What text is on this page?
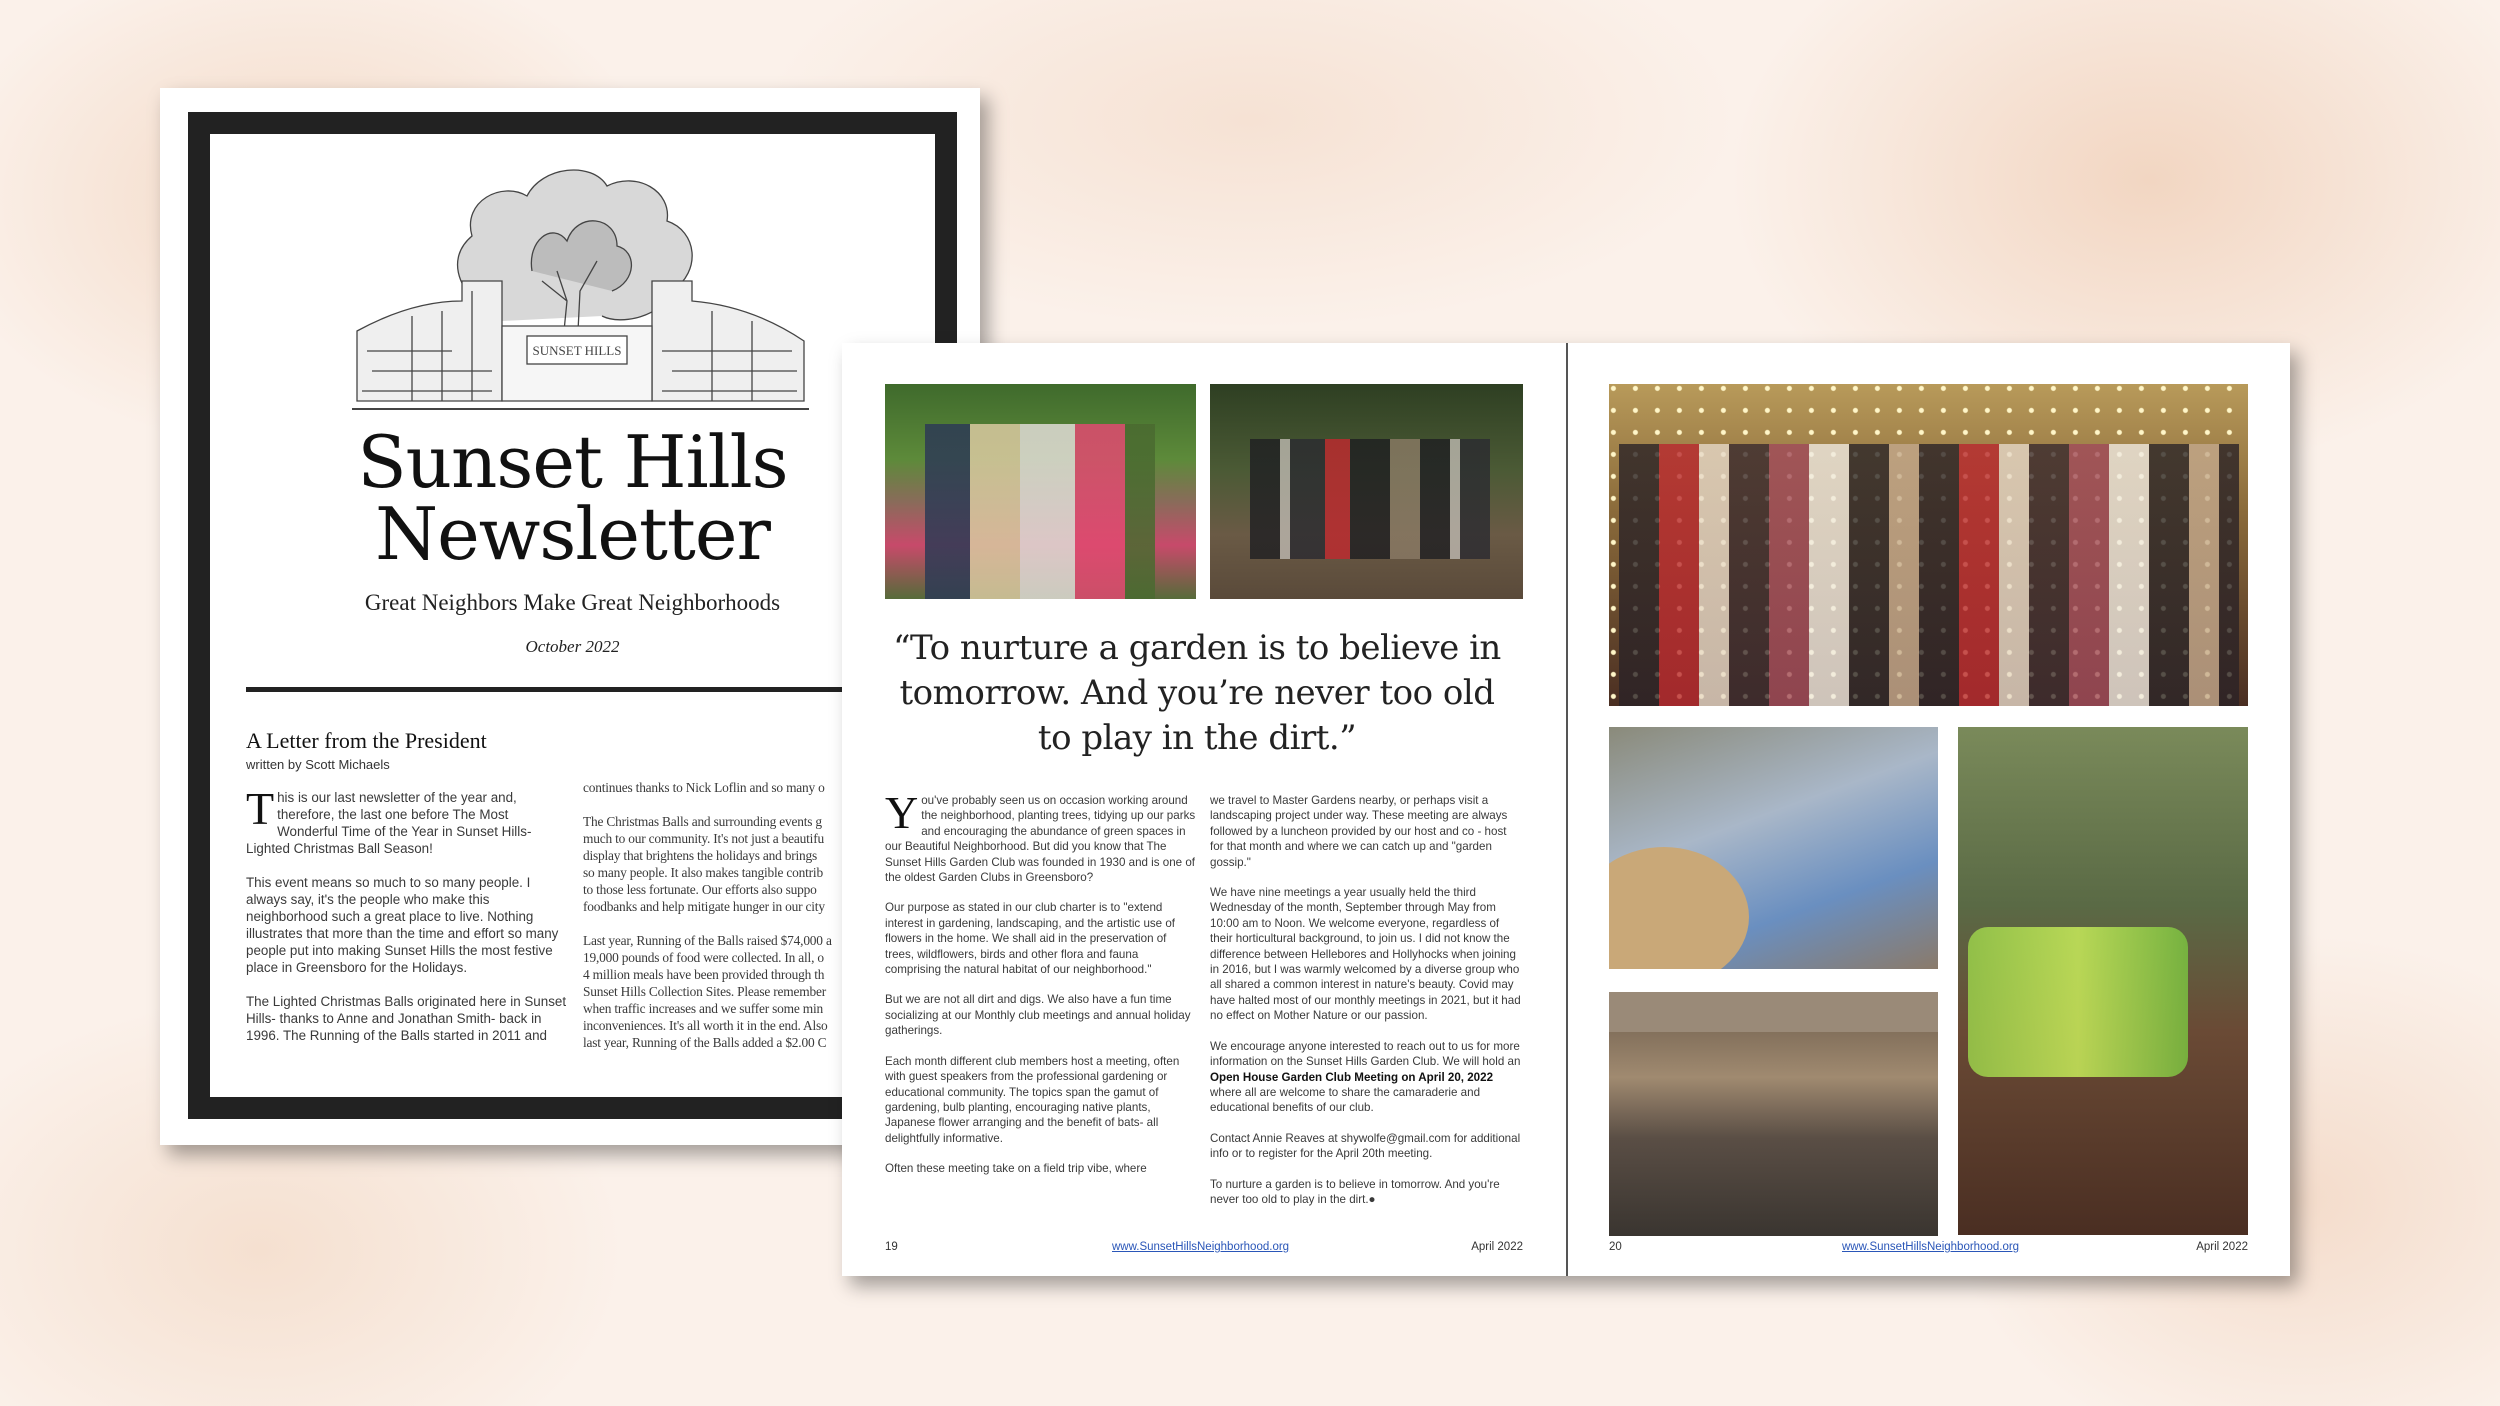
SUNSET HILLS
Sunset Hills
Newsletter
Great Neighbors Make Great Neighborhoods
October 2022
A Letter from the President
written by Scott Michaels

This is our last newsletter of the year and, therefore, the last one before The Most Wonderful Time of the Year in Sunset Hills- Lighted Christmas Ball Season!

This event means so much to so many people. I always say, it's the people who make this neighborhood such a great place to live. Nothing illustrates that more than the time and effort so many people put into making Sunset Hills the most festive place in Greensboro for the Holidays.

The Lighted Christmas Balls originated here in Sunset Hills- thanks to Anne and Jonathan Smith- back in 1996. The Running of the Balls started in 2011 and

continues thanks to Nick Loflin and so many o
The Christmas Balls and surrounding events g
much to our community. It's not just a beautifu
display that brightens the holidays and brings
so many people. It also makes tangible contrib
to those less fortunate. Our efforts also suppo
foodbanks and help mitigate hunger in our city
Last year, Running of the Balls raised $74,000 a
19,000 pounds of food were collected. In all, o
4 million meals have been provided through th
Sunset Hills Collection Sites. Please remember
when traffic increases and we suffer some min
inconveniences. It's all worth it in the end. Also
last year, Running of the Balls added a $2.00 C
“To nurture a garden is to believe in tomorrow. And you’re never too old to play in the dirt.”

You've probably seen us on occasion working around the neighborhood, planting trees, tidying up our parks and encouraging the abundance of green spaces in our Beautiful Neighborhood. But did you know that The Sunset Hills Garden Club was founded in 1930 and is one of the oldest Garden Clubs in Greensboro?

Our purpose as stated in our club charter is to "extend interest in gardening, landscaping, and the artistic use of flowers in the home. We shall aid in the preservation of trees, wildflowers, birds and other flora and fauna comprising the natural habitat of our neighborhood."

But we are not all dirt and digs. We also have a fun time socializing at our Monthly club meetings and annual holiday gatherings.

Each month different club members host a meeting, often with guest speakers from the professional gardening or educational community. The topics span the gamut of gardening, bulb planting, encouraging native plants, Japanese flower arranging and the benefit of bats- all delightfully informative.

Often these meeting take on a field trip vibe, where

we travel to Master Gardens nearby, or perhaps visit a landscaping project under way. These meeting are always followed by a luncheon provided by our host and co - host for that month and where we can catch up and "garden gossip."

We have nine meetings a year usually held the third Wednesday of the month, September through May from 10:00 am to Noon. We welcome everyone, regardless of their horticultural background, to join us. I did not know the difference between Hellebores and Hollyhocks when joining in 2016, but I was warmly welcomed by a diverse group who all shared a common interest in nature's beauty. Covid may have halted most of our monthly meetings in 2021, but it had no effect on Mother Nature or our passion.

We encourage anyone interested to reach out to us for more information on the Sunset Hills Garden Club. We will hold an Open House Garden Club Meeting on April 20, 2022 where all are welcome to share the camaraderie and educational benefits of our club.

Contact Annie Reaves at shywolfe@gmail.com for additional info or to register for the April 20th meeting.

To nurture a garden is to believe in tomorrow. And you're never too old to play in the dirt.●

19	www.SunsetHillsNeighborhood.org	April 2022	20	www.SunsetHillsNeighborhood.org	April 2022
